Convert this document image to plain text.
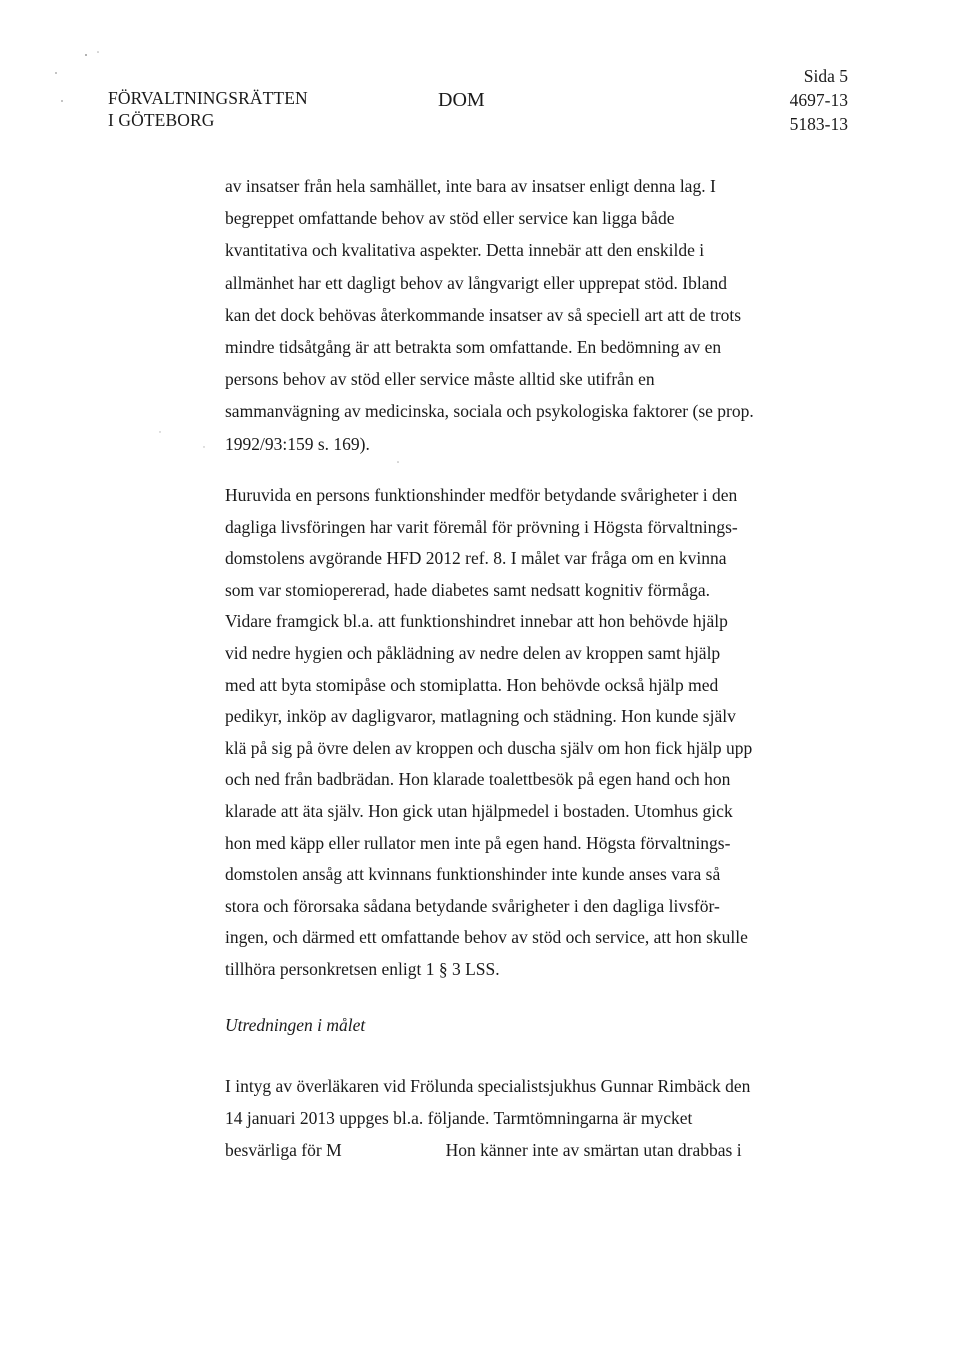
FÖRVALTNINGSRÄTTEN
I GÖTEBORG
DOM
Sida 5
4697-13
5183-13
av insatser från hela samhället, inte bara av insatser enligt denna lag. I
begreppet omfattande behov av stöd eller service kan ligga både
kvantitativa och kvalitativa aspekter. Detta innebär att den enskilde i
allmänhet har ett dagligt behov av långvarigt eller upprepat stöd. Ibland
kan det dock behövas återkommande insatser av så speciell art att de trots
mindre tidsåtgång är att betrakta som omfattande. En bedömning av en
persons behov av stöd eller service måste alltid ske utifrån en
sammanvägning av medicinska, sociala och psykologiska faktorer (se prop.
1992/93:159 s. 169).
Huruvida en persons funktionshinder medför betydande svårigheter i den
dagliga livsföringen har varit föremål för prövning i Högsta förvaltnings-
domstolens avgörande HFD 2012 ref. 8. I målet var fråga om en kvinna
som var stomiopererad, hade diabetes samt nedsatt kognitiv förmåga.
Vidare framgick bl.a. att funktionshindret innebar att hon behövde hjälp
vid nedre hygien och påklädning av nedre delen av kroppen samt hjälp
med att byta stomipåse och stomiplatta. Hon behövde också hjälp med
pedikyr, inköp av dagligvaror, matlagning och städning. Hon kunde själv
klä på sig på övre delen av kroppen och duscha själv om hon fick hjälp upp
och ned från badbrädan. Hon klarade toalettbesök på egen hand och hon
klarade att äta själv. Hon gick utan hjälpmedel i bostaden. Utomhus gick
hon med käpp eller rullator men inte på egen hand. Högsta förvaltnings-
domstolen ansåg att kvinnans funktionshinder inte kunde anses vara så
stora och förorsaka sådana betydande svårigheter i den dagliga livsför-
ingen, och därmed ett omfattande behov av stöd och service, att hon skulle
tillhöra personkretsen enligt 1 § 3 LSS.
Utredningen i målet
I intyg av överläkaren vid Frölunda specialistsjukhus Gunnar Rimbäck den
14 januari 2013 uppges bl.a. följande. Tarmtömningarna är mycket
besvärliga för M	Hon känner inte av smärtan utan drabbas i
